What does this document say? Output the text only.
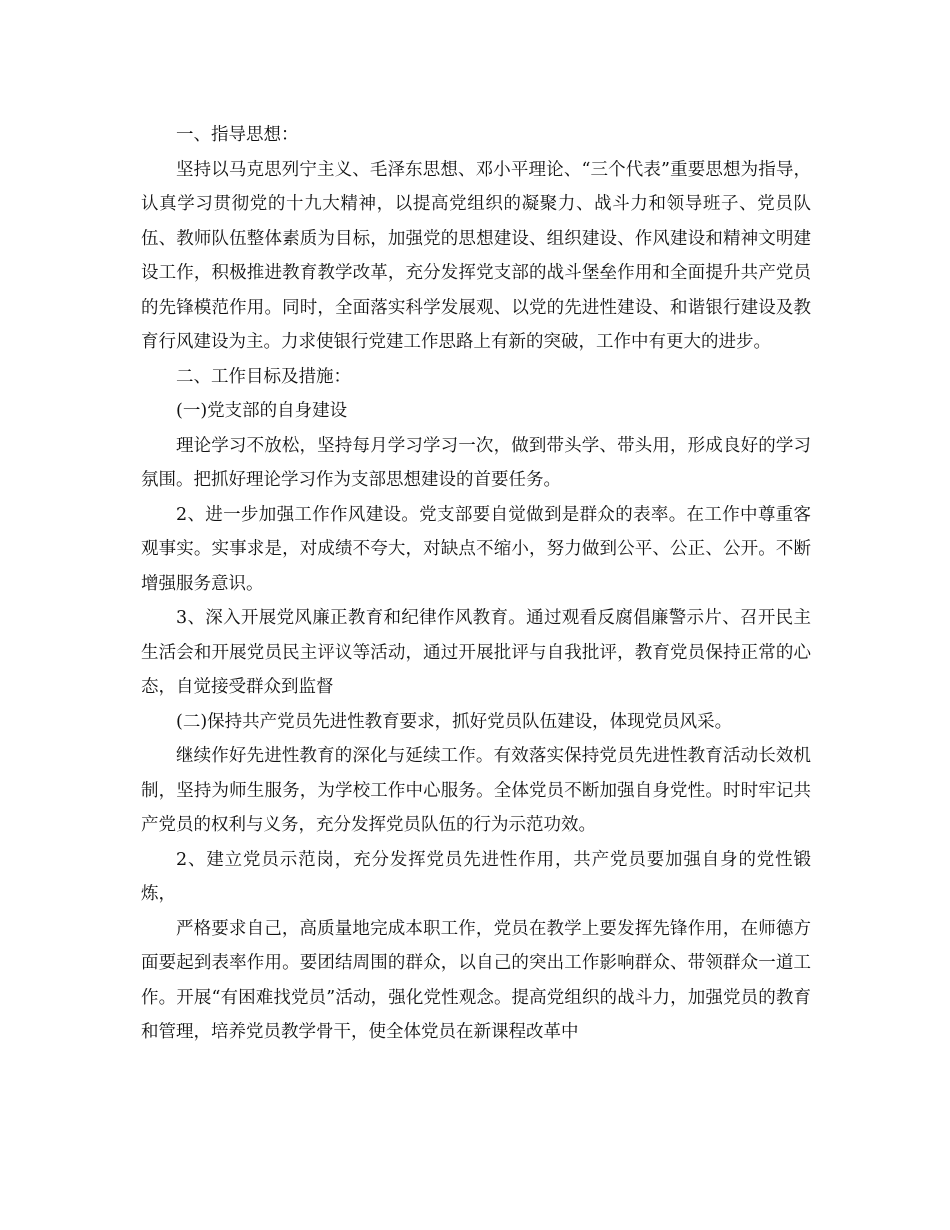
一、指导思想：

坚持以马克思列宁主义、毛泽东思想、邓小平理论、“三个代表”重要思想为指导，认真学习贯彻党的十九大精神，以提高党组织的凝聚力、战斗力和领导班子、党员队伍、教师队伍整体素质为目标，加强党的思想建设、组织建设、作风建设和精神文明建设工作，积极推进教育教学改革，充分发挥党支部的战斗堡垒作用和全面提升共产党员的先锋模范作用。同时，全面落实科学发展观、以党的先进性建设、和谐银行建设及教育行风建设为主。力求使银行党建工作思路上有新的突破，工作中有更大的进步。

二、工作目标及措施：

(一)党支部的自身建设

理论学习不放松，坚持每月学习学习一次，做到带头学、带头用，形成良好的学习氛围。把抓好理论学习作为支部思想建设的首要任务。

2、进一步加强工作作风建设。党支部要自觉做到是群众的表率。在工作中尊重客观事实。实事求是，对成绩不夸大，对缺点不缩小，努力做到公平、公正、公开。不断增强服务意识。

3、深入开展党风廉正教育和纪律作风教育。通过观看反腐倡廉警示片、召开民主生活会和开展党员民主评议等活动，通过开展批评与自我批评，教育党员保持正常的心态，自觉接受群众到监督

(二)保持共产党员先进性教育要求，抓好党员队伍建设，体现党员风采。

继续作好先进性教育的深化与延续工作。有效落实保持党员先进性教育活动长效机制，坚持为师生服务，为学校工作中心服务。全体党员不断加强自身党性。时时牢记共产党员的权利与义务，充分发挥党员队伍的行为示范功效。

2、建立党员示范岗，充分发挥党员先进性作用，共产党员要加强自身的党性锻炼，

严格要求自己，高质量地完成本职工作，党员在教学上要发挥先锋作用，在师德方面要起到表率作用。要团结周围的群众，以自己的突出工作影响群众、带领群众一道工作。开展“有困难找党员”活动，强化党性观念。提高党组织的战斗力，加强党员的教育和管理，培养党员教学骨干，使全体党员在新课程改革中
